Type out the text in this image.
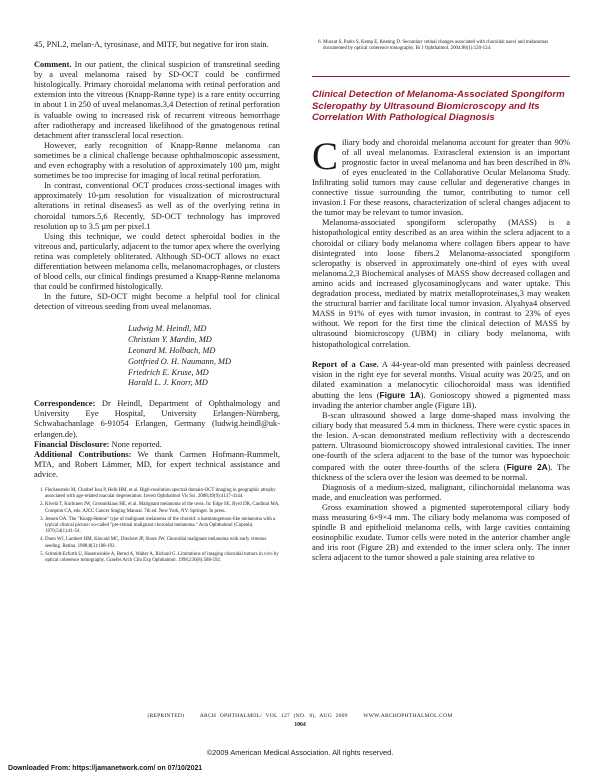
45, PNL2, melan-A, tyrosinase, and MITF, but negative for iron stain.

Comment. In our patient, the clinical suspicion of transretinal seeding by a uveal melanoma raised by SD-OCT could be confirmed histologically. Primary choroidal melanoma with retinal perforation and extension into the vitreous (Knapp-Rønne type) is a rare entity occurring in about 1 in 250 of uveal melanomas.3,4 Detection of retinal perforation is valuable owing to increased risk of recurrent vitreous hemorrhage after radiotherapy and increased likelihood of the gmatogenous retinal detachment after transscleral local resection.

However, early recognition of Knapp-Rønne melanoma can sometimes be a clinical challenge because ophthalmoscopic assessment, and even echography with a resolution of approximately 100 µm, might sometimes be too imprecise for imaging of local retinal perforation.

In contrast, conventional OCT produces cross-sectional images with approximately 10-µm resolution for visualization of microstructural alterations in retinal diseases5 as well as of the overlying retina in choroidal tumors.5,6 Recently, SD-OCT technology has improved resolution up to 3.5 µm per pixel.1

Using this technique, we could detect spheroidal bodies in the vitreous and, particularly, adjacent to the tumor apex where the overlying retina was completely obliterated. Although SD-OCT allows no exact differentiation between melanoma cells, melanomacrophages, or clusters of blood cells, our clinical findings presumed a Knapp-Rønne melanoma that could be confirmed histologically.

In the future, SD-OCT might become a helpful tool for clinical detection of vitreous seeding from uveal melanomas.

Ludwig M. Heindl, MD
Christian Y. Mardin, MD
Leonard M. Holbach, MD
Gottfried O. H. Naumann, MD
Friedrich E. Kruse, MD
Harald L. J. Knorr, MD

Correspondence: Dr Heindl, Department of Ophthalmology and University Eye Hospital, University Erlangen-Nürnberg, Schwabachanlage 6-91054 Erlangen, Germany (ludwig.heindl@uk-erlangen.de).

Financial Disclosure: None reported.

Additional Contributions: We thank Carmen Hofmann-Rummelt, MTA, and Robert Lämmer, MD, for expert technical assistance and advice.

1. Fleckenstein M, Charbel Issa P, Helb HM, et al. High-resolution spectral domain-OCT imaging in geographic atrophy associated with age-related macular degeneration. Invest Ophthalmol Vis Sci. 2008;49(9):4137-4144.
2. Kivelä T, Kurhinen JW, Grossniklaus HE, et al. Malignant melanoma of the uvea. In: Edge SE, Byrd DR, Cardinal MA, Compton CA, eds. AJCC Cancer Staging Manual. 7th ed. New York, NY: Springer. In press.
3. Jensen OA. The "Knapp-Rønne" type of malignant melanoma of the choroid: a haematogenous-like melanoma with a typical clinical picture: so-called "pre-retinal malignant choroidal melanoma." Acta Ophthalmol (Copenh). 1976;54(1):41-54.
4. Dunn WJ, Lambert HM, Kincaid MC, Dieckert JP, Shore JW. Choroidal malignant melanoma with early vitreous seeding. Retina. 1988;8(3):188-192.
5. Schmidt-Erfurth U, Hasenwinkle A, Bernd A, Walter A, Richard G. Limitations of imaging choroidal tumors in vivo by optical coherence tomography. Graefes Arch Clin Exp Ophthalmol. 1998;236(8):588-592.
6. Muscat S, Parks S, Kemp E, Keating D. Secondary retinal changes associated with choroidal naevi and melanomas documented by optical coherence tomography. Br J Ophthalmol. 2004;88(1):120-124.
Clinical Detection of Melanoma-Associated Spongiform Scleropathy by Ultrasound Biomicroscopy and Its Correlation With Pathological Diagnosis

Ciliary body and choroidal melanoma account for greater than 90% of all uveal melanomas. Extrascleral extension is an important prognostic factor in uveal melanoma and has been described in 8% of eyes enucleated in the Collaborative Ocular Melanoma Study. Infiltrating solid tumors may cause cellular and degenerative changes in connective tissue surrounding the tumor, contributing to tumor cell invasion.1 For these reasons, characterization of scleral changes adjacent to the tumor may be relevant to tumor invasion.

Melanoma-associated spongiform scleropathy (MASS) is a histopathological entity described as an area within the sclera adjacent to a choroidal or ciliary body melanoma where collagen fibers appear to have disintegrated into loose fibers.2 Melanoma-associated spongiform scleropathy is observed in approximately one-third of eyes with uveal melanoma.2,3 Biochemical analyses of MASS show decreased collagen and amino acids and increased glycosaminoglycans and water uptake. This degradation process, mediated by matrix metalloproteinases,3 may weaken the structural barrier and facilitate local tumor invasion. Alyahya4 observed MASS in 91% of eyes with tumor invasion, in contrast to 23% of eyes without. We report for the first time the clinical detection of MASS by ultrasound biomicroscopy (UBM) in ciliary body melanoma, with histopathological correlation.

Report of a Case. A 44-year-old man presented with painless decreased vision in the right eye for several months. Visual acuity was 20/25, and on dilated examination a melanocytic ciliochoroidal mass was identified abutting the lens (Figure 1A). Gonioscopy showed a pigmented mass invading the anterior chamber angle (Figure 1B).

B-scan ultrasound showed a large dome-shaped mass involving the ciliary body that measured 5.4 mm in thickness. There were cystic spaces in the lesion. A-scan demonstrated medium reflectivity with a decrescendo pattern. Ultrasound biomicroscopy showed intralesional cavities. The inner one-fourth of the sclera adjacent to the base of the tumor was hypoechoic compared with the outer three-fourths of the sclera (Figure 2A). The thickness of the sclera over the lesion was deemed to be normal.

Diagnosis of a medium-sized, malignant, ciliochoroidal melanoma was made, and enucleation was performed.

Gross examination showed a pigmented superotemporal ciliary body mass measuring 6×9×4 mm. The ciliary body melanoma was composed of spindle B and epithelioid melanoma cells, with large cavities containing eosinophilic exudate. Tumor cells were noted in the anterior chamber angle and iris root (Figure 2B) and extended to the inner sclera only. The inner sclera adjacent to the tumor showed a pale staining area relative to

(REPRINTED)	ARCH OPHTHALMOL/ VOL 127 (NO. 8), AUG 2009	WWW.ARCHOPHTHALMOL.COM
1064
©2009 American Medical Association. All rights reserved.
Downloaded From: https://jamanetwork.com/ on 07/10/2021
